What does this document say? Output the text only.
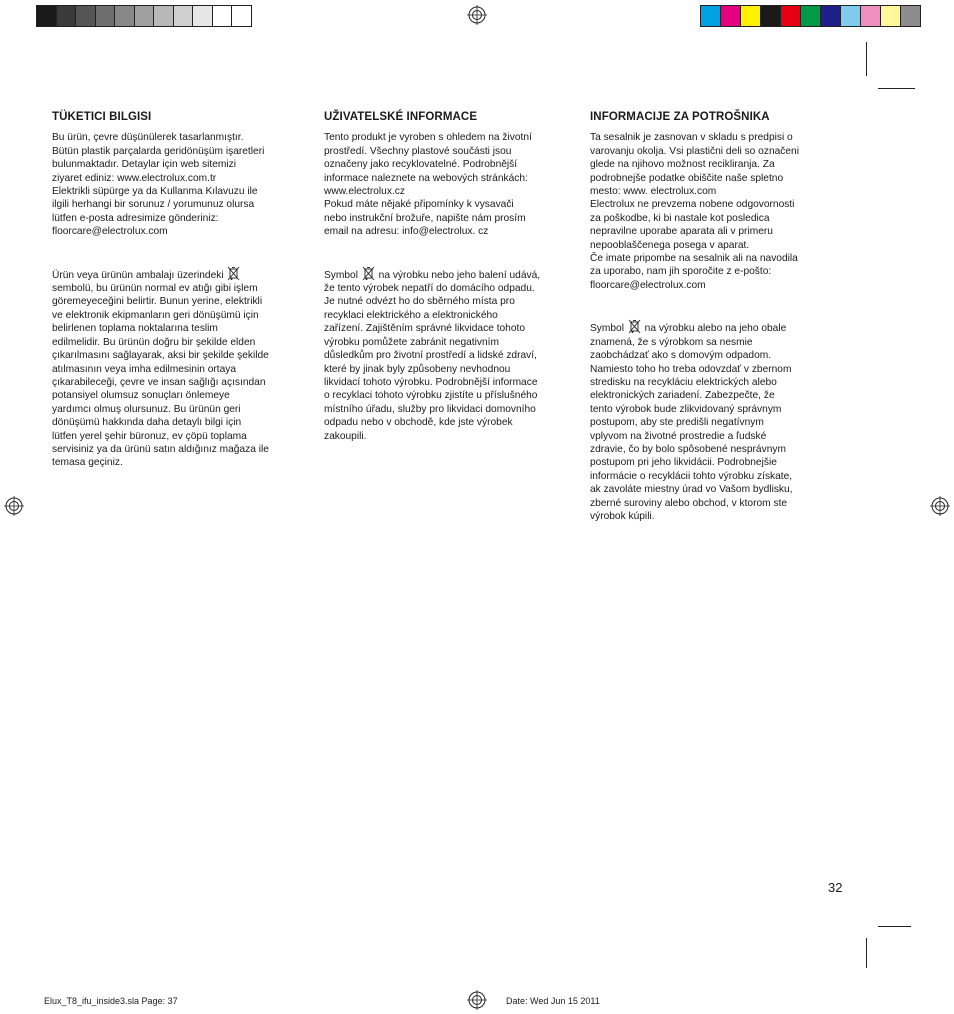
TÜKETICI BILGISI

Bu ürün, çevre düşünülerek tasarlanmıştır.
Bütün plastik parçalarda geridönüşüm işaretleri
bulunmaktadır. Detaylar için web sitemizi
ziyaret ediniz: www.electrolux.com.tr
Elektrikli süpürge ya da Kullanma Kılavuzu ile
ilgili herhangi bir sorunuz / yorumunuz olursa
lütfen e-posta adresimize gönderiniz:
floorcare@electrolux.com

Ürün veya ürünün ambalajı üzerindeki
sembolü, bu ürünün normal ev atığı gibi işlem
göremeyeceğini belirtir. Bunun yerine, elektrikli
ve elektronik ekipmanların geri dönüşümü için
belirlenen toplama noktalarına teslim
edilmelidir. Bu ürünün doğru bir şekilde elden
çıkarılmasını sağlayarak, aksi bir şekilde şekilde
atılmasının veya imha edilmesinin ortaya
çıkarabileceği, çevre ve insan sağlığı açısından
potansiyel olumsuz sonuçları önlemeye
yardımcı olmuş olursunuz. Bu ürünün geri
dönüşümü hakkında daha detaylı bilgi için
lütfen yerel şehir büronuz, ev çöpü toplama
servisiniz ya da ürünü satın aldığınız mağaza ile
temasa geçiniz.

UŽIVATELSKÉ INFORMACE

Tento produkt je vyroben s ohledem na životní
prostředí. Všechny plastové součásti jsou
označeny jako recyklovatelné. Podrobnější
informace naleznete na webových stránkách:
www.electrolux.cz
Pokud máte nějaké připomínky k vysavači
nebo instrukční brožuře, napište nám prosím
email na adresu: info@electrolux. cz

Symbol na výrobku nebo jeho balení udává,
že tento výrobek nepatří do domácího odpadu.
Je nutné odvézt ho do sběrného místa pro
recyklaci elektrického a elektronického
zařízení. Zajištěním správné likvidace tohoto
výrobku pomůžete zabránit negativním
důsledkům pro životní prostředí a lidské zdraví,
které by jinak byly způsobeny nevhodnou
likvidací tohoto výrobku. Podrobnější informace
o recyklaci tohoto výrobku zjistíte u příslušného
místního úřadu, služby pro likvidaci domovního
odpadu nebo v obchodě, kde jste výrobek
zakoupili.

INFORMACIJE ZA POTROŠNIKA

Ta sesalnik je zasnovan v skladu s predpisi o
varovanju okolja. Vsi plastični deli so označeni
glede na njihovo možnost recikliranja. Za
podrobnejše podatke obiščite naše spletno
mesto: www. electrolux.com
Electrolux ne prevzema nobene odgovornosti
za poškodbe, ki bi nastale kot posledica
nepravilne uporabe aparata ali v primeru
nepooblaščenega posega v aparat.
Če imate pripombe na sesalnik ali na navodila
za uporabo, nam jih sporočite z e-pošto:
floorcare@electrolux.com

Symbol na výrobku alebo na jeho obale
znamená, že s výrobkom sa nesmie
zaobchádzať ako s domovým odpadom.
Namiesto toho ho treba odovzdať v zbernom
stredisku na recykláciu elektrických alebo
elektronických zariadení. Zabezpečte, že
tento výrobok bude zlikvidovaný správnym
postupom, aby ste predišli negatívnym
vplyvom na životné prostredie a ľudské
zdravie, čo by bolo spôsobené nesprávnym
postupom pri jeho likvidácii. Podrobnejšie
informácie o recyklácii tohto výrobku získate,
ak zavoláte miestny úrad vo Vašom bydlisku,
zberné suroviny alebo obchod, v ktorom ste
výrobok kúpili.

32
Elux_T8_ifu_inside3.sla Page: 37	Date: Wed Jun 15 2011
